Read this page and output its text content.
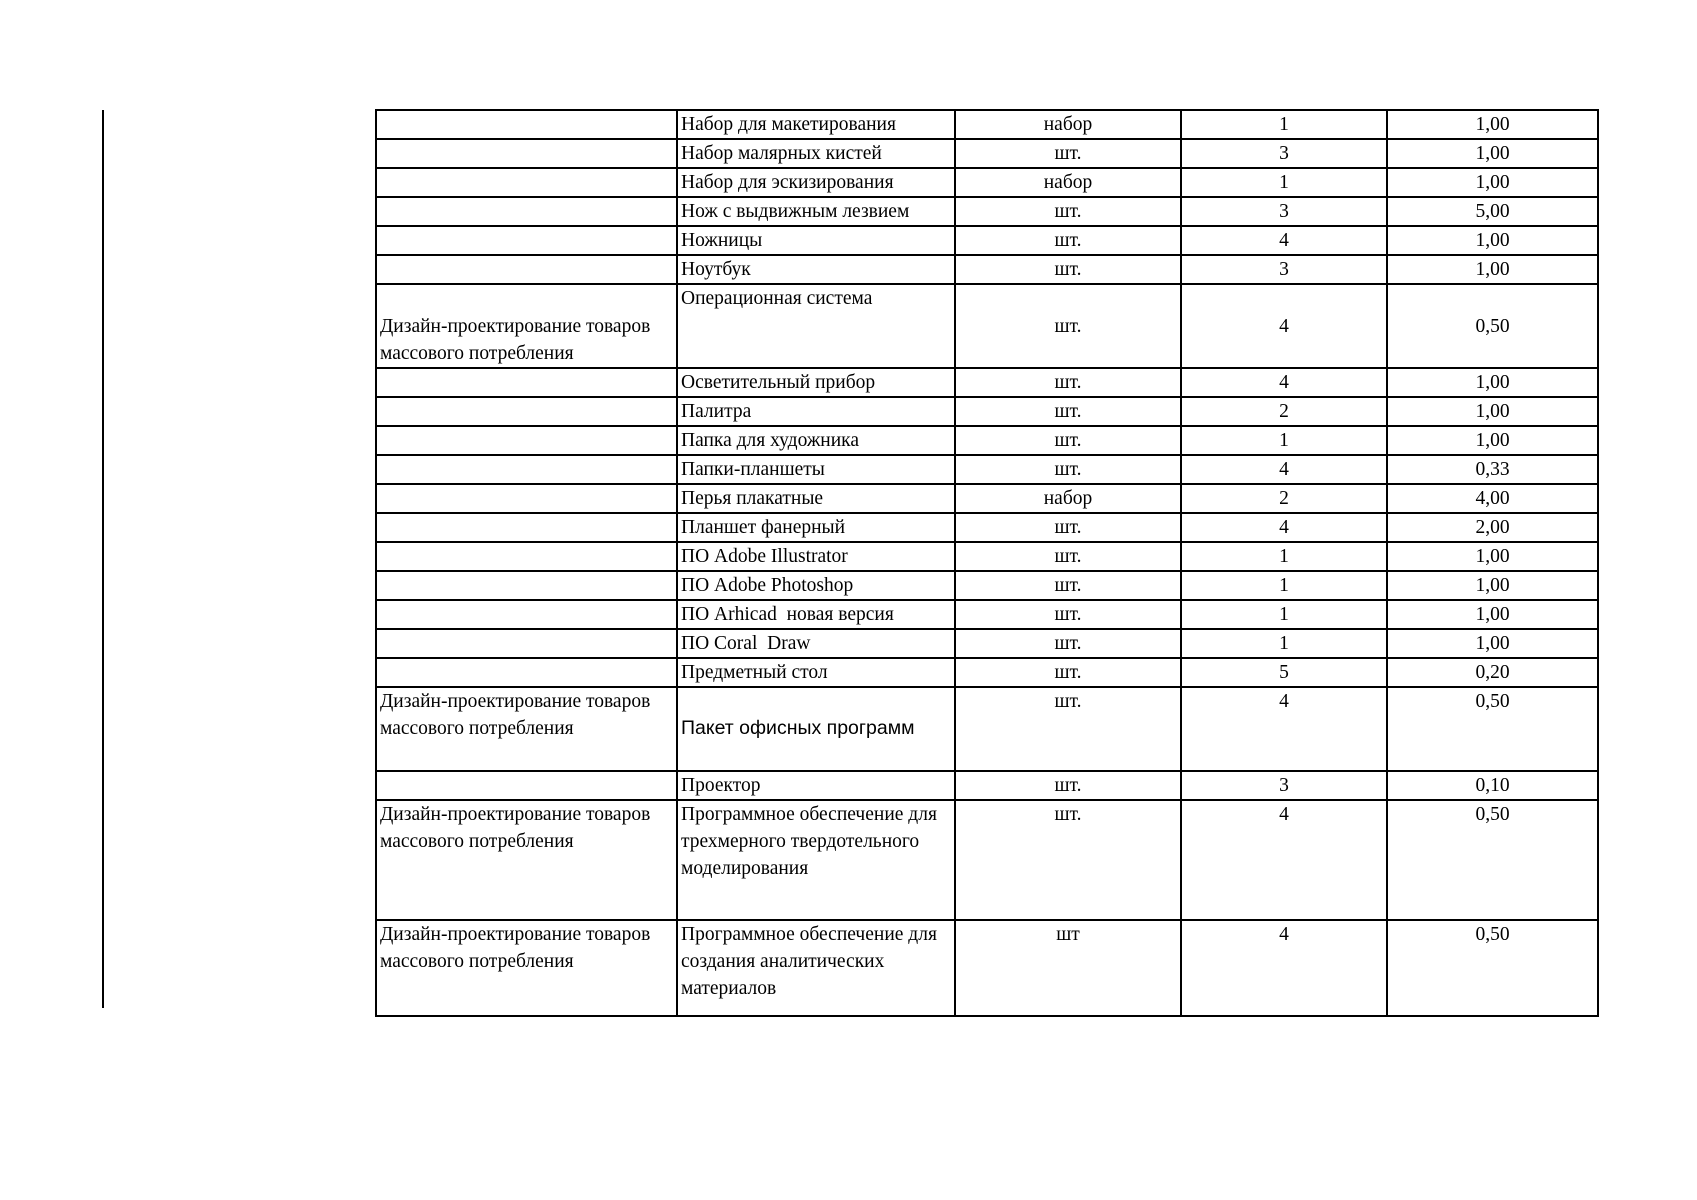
	Набор для макетирования	набор	1	1,00
	Набор малярных кистей	шт.	3	1,00
	Набор для эскизирования	набор	1	1,00
	Нож с выдвижным лезвием	шт.	3	5,00
	Ножницы	шт.	4	1,00
	Ноутбук	шт.	3	1,00
Дизайн-проектирование товаров массового потребления	Операционная система	шт.	4	0,50
	Осветительный прибор	шт.	4	1,00
	Палитра	шт.	2	1,00
	Папка для художника	шт.	1	1,00
	Папки-планшеты	шт.	4	0,33
	Перья плакатные	набор	2	4,00
	Планшет фанерный	шт.	4	2,00
	ПО Adobe Illustrator	шт.	1	1,00
	ПО Adobe Photoshop	шт.	1	1,00
	ПО Arhicad  новая версия	шт.	1	1,00
	ПО Coral  Draw	шт.	1	1,00
	Предметный стол	шт.	5	0,20
Дизайн-проектирование товаров массового потребления	Пакет офисных программ	шт.	4	0,50
	Проектор	шт.	3	0,10
Дизайн-проектирование товаров массового потребления	Программное обеспечение для трехмерного твердотельного моделирования	шт.	4	0,50
Дизайн-проектирование товаров массового потребления	Программное обеспечение для создания аналитических материалов	шт	4	0,50
